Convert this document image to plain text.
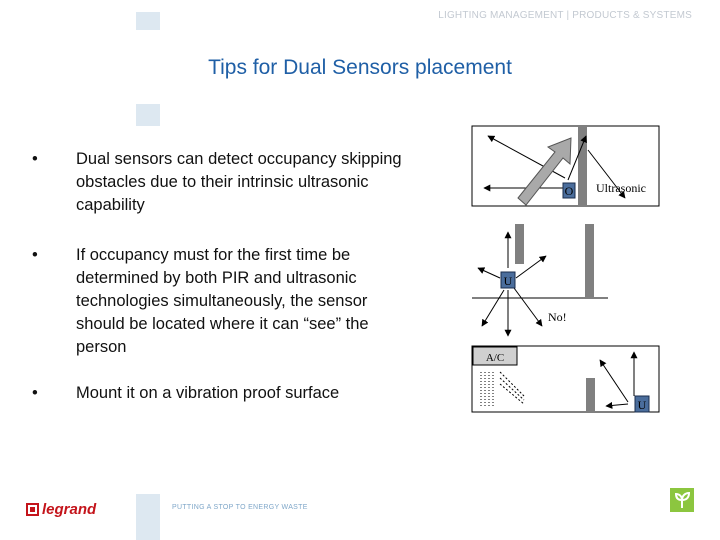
LIGHTING MANAGEMENT | PRODUCTS & SYSTEMS
Tips for Dual Sensors placement
• Dual sensors can detect occupancy skipping obstacles due to their intrinsic ultrasonic capability
• If occupancy must for the first time be determined by both PIR and ultrasonic technologies simultaneously, the sensor should be located where it can “see” the person
• Mount it on a vibration proof surface
O Ultrasonic
U
No!
A/C
U
legrand	PUTTING A STOP TO ENERGY WASTE
